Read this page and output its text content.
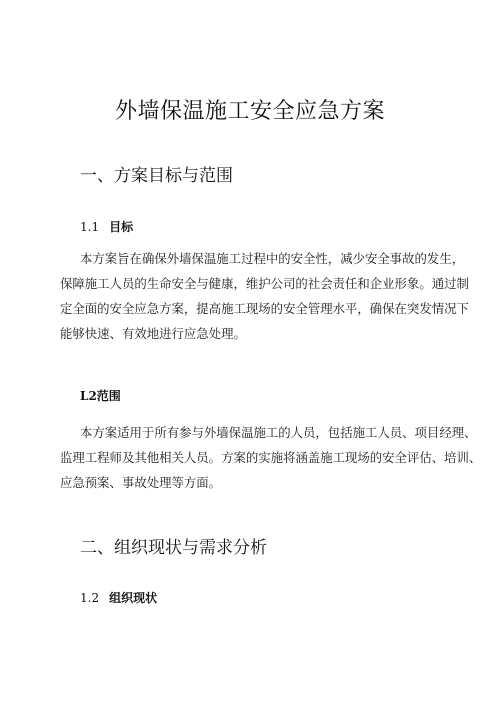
外墙保温施工安全应急方案
一、方案目标与范围
1.1 目标
本方案旨在确保外墙保温施工过程中的安全性，减少安全事故的发生，
保障施工人员的生命安全与健康，维护公司的社会责任和企业形象。通过制
定全面的安全应急方案，提高施工现场的安全管理水平，确保在突发情况下
能够快速、有效地进行应急处理。
L2范围
本方案适用于所有参与外墙保温施工的人员，包括施工人员、项目经理、
监理工程师及其他相关人员。方案的实施将涵盖施工现场的安全评估、培训、
应急预案、事故处理等方面。
二、组织现状与需求分析
1.2 组织现状
